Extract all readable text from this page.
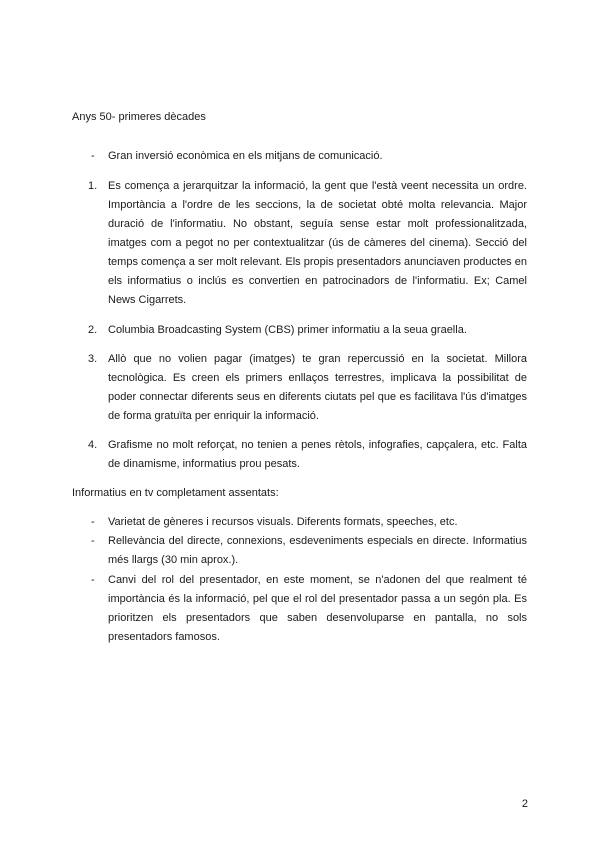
Anys 50- primeres dècades

-	Gran inversió econòmica en els mitjans de comunicació.
1. Es comença a jerarquitzar la informació, la gent que l'està veent necessita un ordre. Importància a l'ordre de les seccions, la de societat obté molta relevancia. Major duració de l'informatiu. No obstant, seguía sense estar molt professionalitzada, imatges com a pegot no per contextualitzar (ús de càmeres del cinema). Secció del temps comença a ser molt relevant. Els propis presentadors anunciaven productes en els informatius o inclús es convertien en patrocinadors de l'informatiu. Ex; Camel News Cigarrets.
2. Columbia Broadcasting System (CBS) primer informatiu a la seua graella.
3. Allò que no volien pagar (imatges) te gran repercussió en la societat. Millora tecnològica. Es creen els primers enllaços terrestres, implicava la possibilitat de poder connectar diferents seus en diferents ciutats pel que es facilitava l'ús d'imatges de forma gratuïta per enriquir la informació.
4. Grafisme no molt reforçat, no tenien a penes rètols, infografies, capçalera, etc. Falta de dinamisme, informatius prou pesats.

Informatius en tv completament assentats:

-	Varietat de gèneres i recursos visuals. Diferents formats, speeches, etc.
-	Rellevància del directe, connexions, esdeveniments especials en directe. Informatius més llargs (30 min aprox.).
-	Canvi del rol del presentador, en este moment, se n'adonen del que realment té importància és la informació, pel que el rol del presentador passa a un segón pla. Es prioritzen els presentadors que saben desenvoluparse en pantalla, no sols presentadors famosos.
2
